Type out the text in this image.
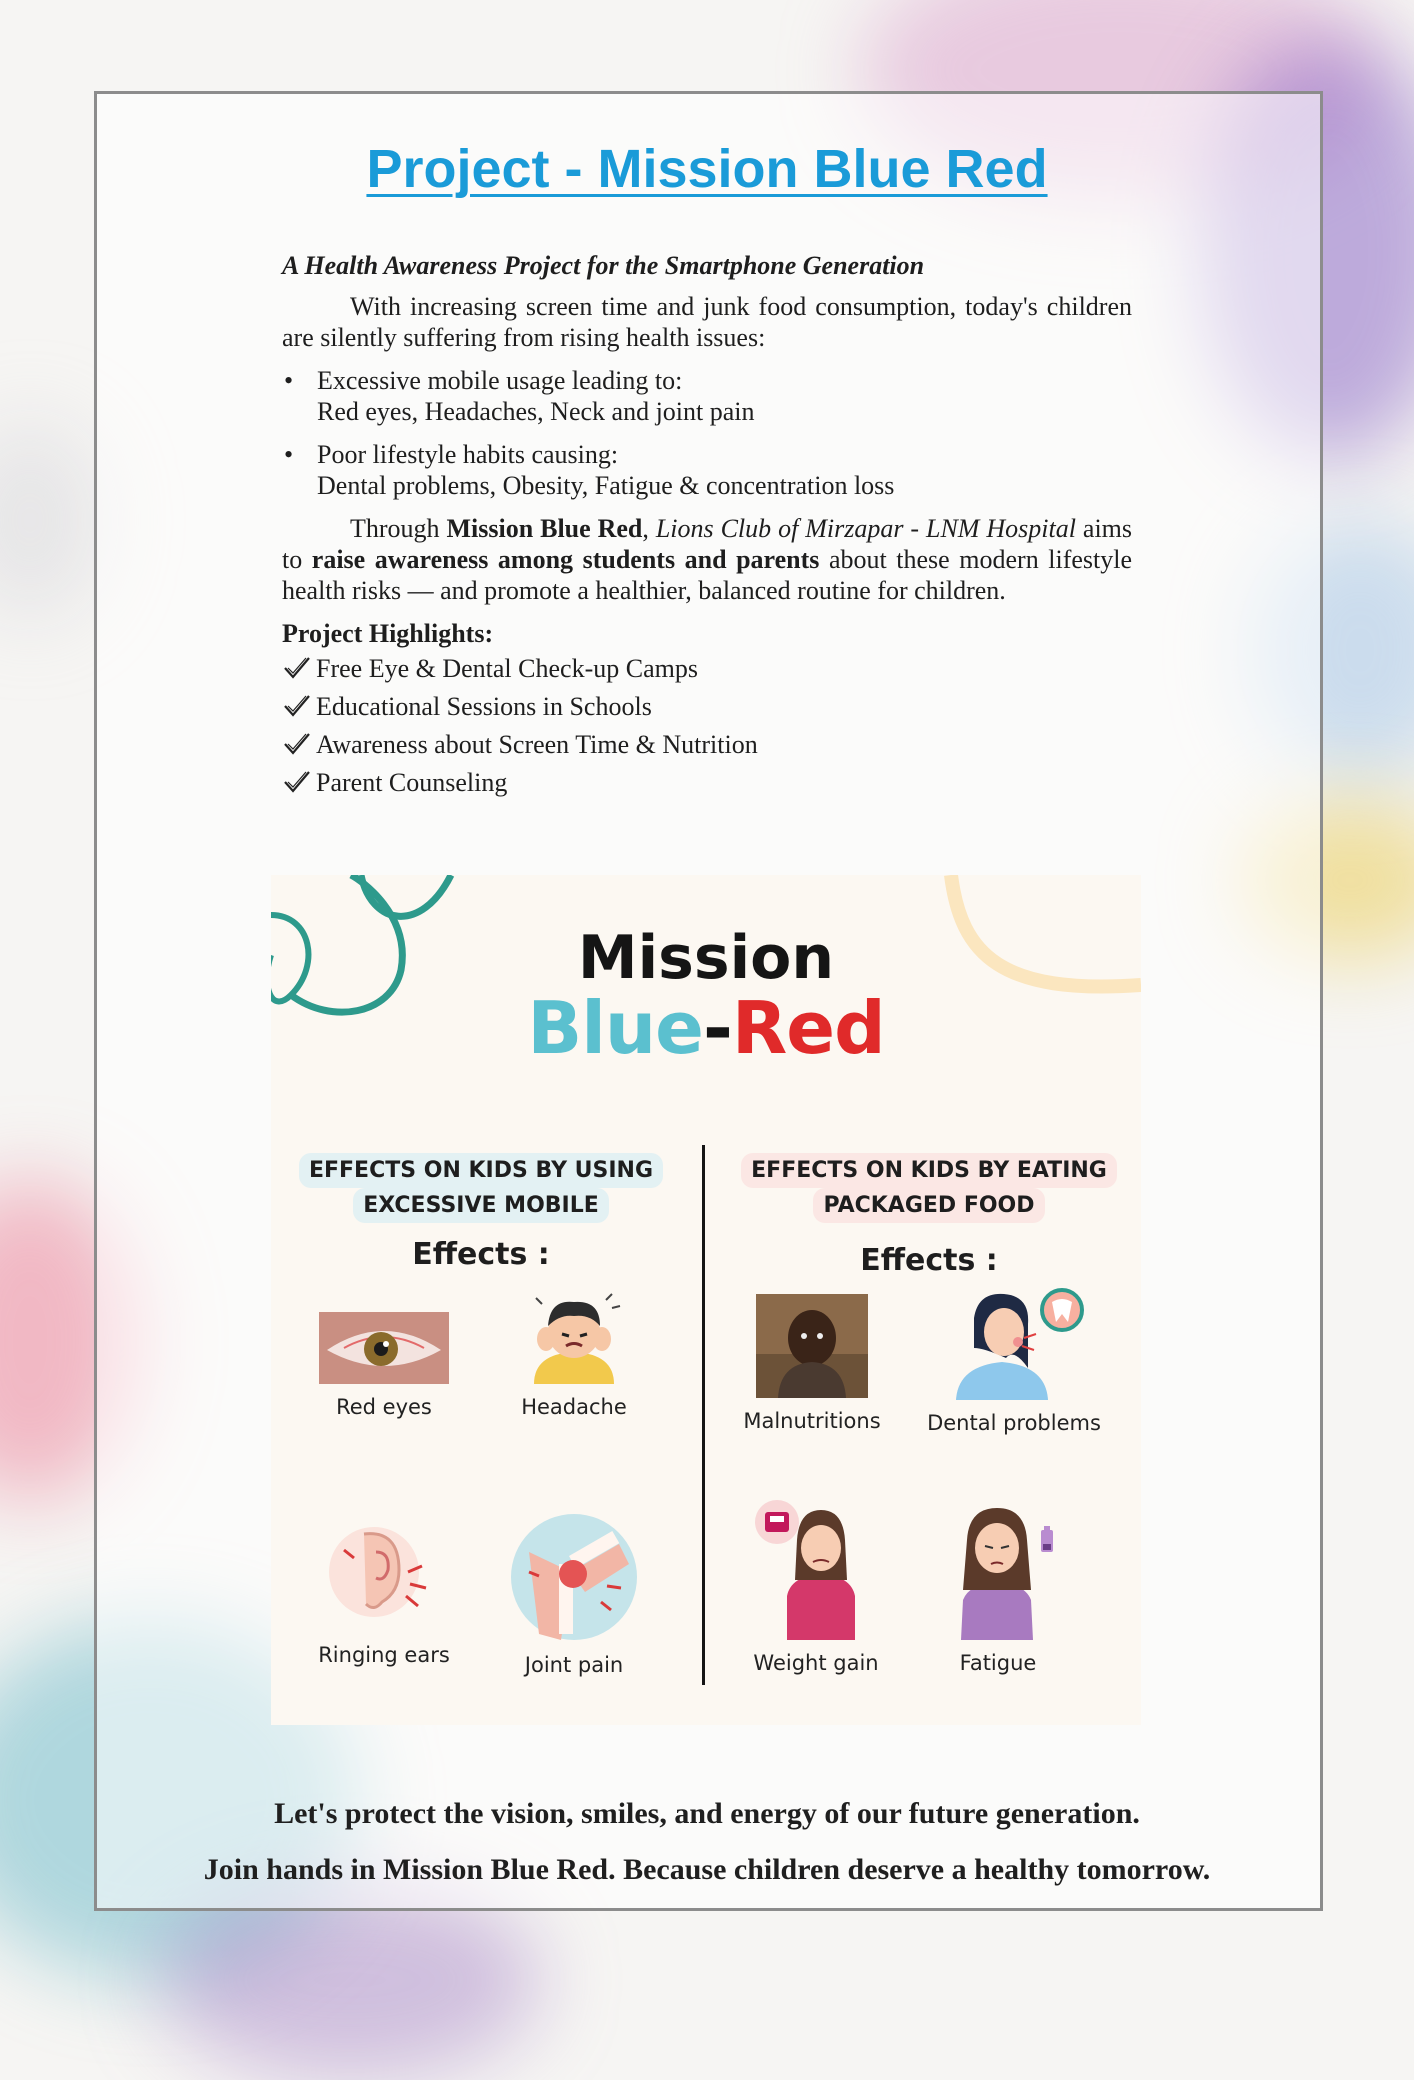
Project - Mission Blue Red

A Health Awareness Project for the Smartphone Generation

With increasing screen time and junk food consumption, today's children are silently suffering from rising health issues:

• Excessive mobile usage leading to:
Red eyes, Headaches, Neck and joint pain
• Poor lifestyle habits causing:
Dental problems, Obesity, Fatigue & concentration loss

Through Mission Blue Red, Lions Club of Mirzapar - LNM Hospital aims to raise awareness among students and parents about these modern lifestyle health risks — and promote a healthier, balanced routine for children.

Project Highlights:

Free Eye & Dental Check-up Camps
Educational Sessions in Schools
Awareness about Screen Time & Nutrition
Parent Counseling
Mission
Blue-Red
EFFECTS ON KIDS BY USING
EXCESSIVE MOBILE
Effects :
Red eyes	Headache
Ringing ears	Joint pain
EFFECTS ON KIDS BY EATING
PACKAGED FOOD
Effects :
Malnutritions	Dental problems
Weight gain	Fatigue
Let's protect the vision, smiles, and energy of our future generation.
Join hands in Mission Blue Red. Because children deserve a healthy tomorrow.
